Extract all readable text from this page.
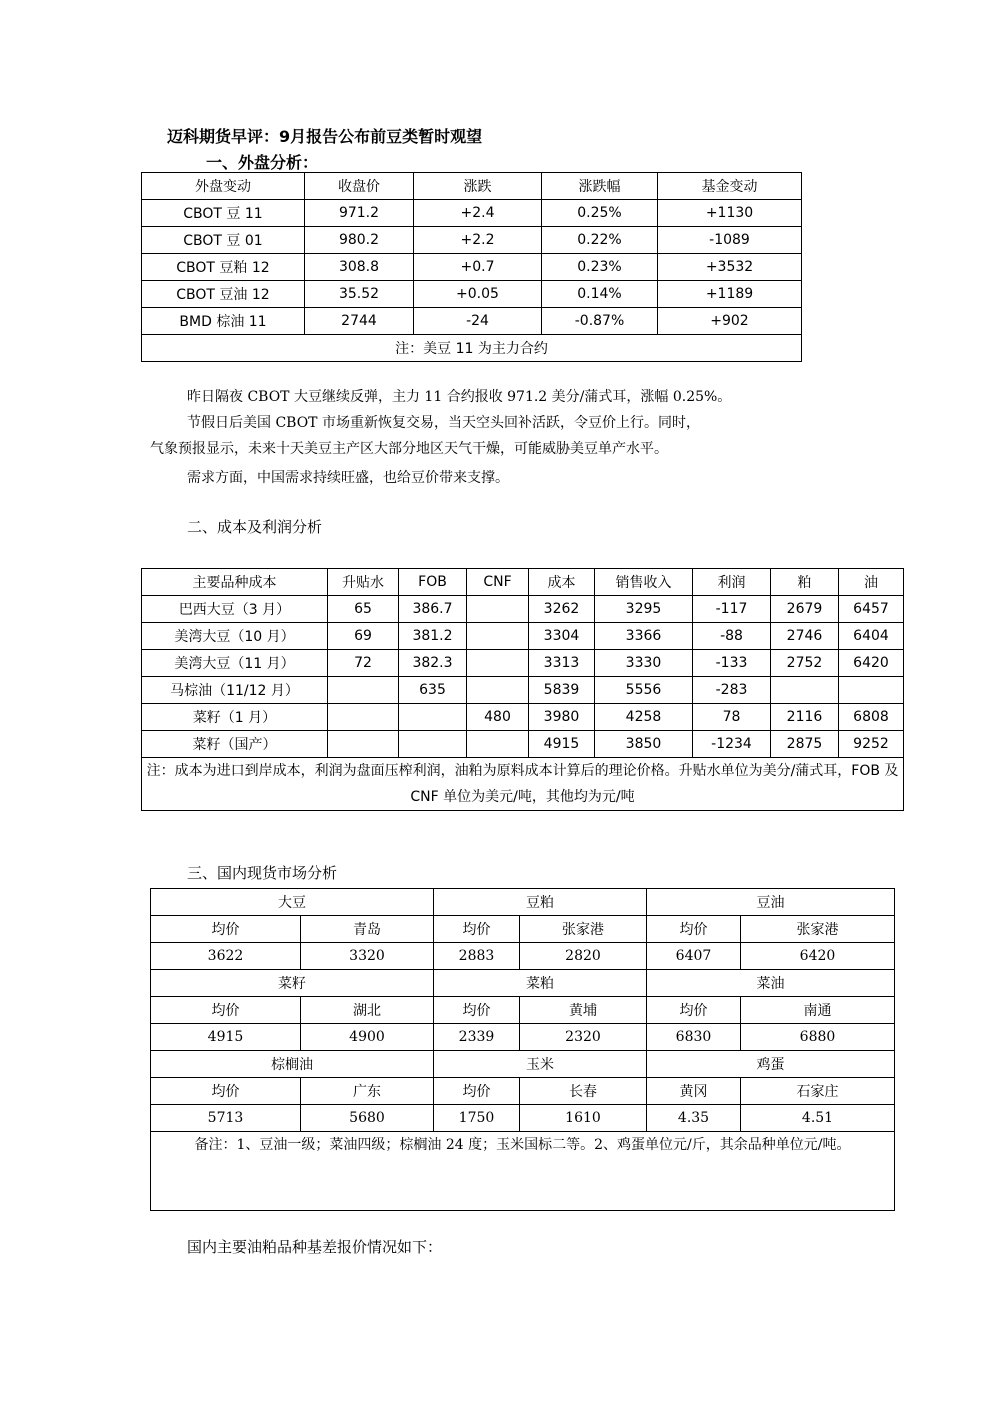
迈科期货早评：9月报告公布前豆类暂时观望
一、外盘分析：
外盘变动	收盘价	涨跌	涨跌幅	基金变动
CBOT 豆 11	971.2	+2.4	0.25%	+1130
CBOT 豆 01	980.2	+2.2	0.22%	-1089
CBOT 豆粕 12	308.8	+0.7	0.23%	+3532
CBOT 豆油 12	35.52	+0.05	0.14%	+1189
BMD 棕油 11	2744	-24	-0.87%	+902
注：美豆 11 为主力合约				
昨日隔夜 CBOT 大豆继续反弹，主力 11 合约报收 971.2 美分/蒲式耳，涨幅 0.25%。
节假日后美国 CBOT 市场重新恢复交易，当天空头回补活跃，令豆价上行。同时，
气象预报显示，未来十天美豆主产区大部分地区天气干燥，可能威胁美豆单产水平。
需求方面，中国需求持续旺盛，也给豆价带来支撑。
二、成本及利润分析
主要品种成本	升贴水	FOB	CNF	成本	销售收入	利润	粕	油
巴西大豆（3 月）	65	386.7		3262	3295	-117	2679	6457
美湾大豆（10 月）	69	381.2		3304	3366	-88	2746	6404
美湾大豆（11 月）	72	382.3		3313	3330	-133	2752	6420
马棕油（11/12 月）		635		5839	5556	-283		
菜籽（1 月）			480	3980	4258	78	2116	6808
菜籽（国产）				4915	3850	-1234	2875	9252
注：成本为进口到岸成本，利润为盘面压榨利润，油粕为原料成本计算后的理论价格。升贴水单位为美分/蒲式耳，FOB 及 CNF 单位为美元/吨，其他均为元/吨								
三、国内现货市场分析
大豆		豆粕		豆油	
均价	青岛	均价	张家港	均价	张家港
3622	3320	2883	2820	6407	6420
菜籽		菜粕		菜油	
均价	湖北	均价	黄埔	均价	南通
4915	4900	2339	2320	6830	6880
棕榈油		玉米		鸡蛋	
均价	广东	均价	长春	黄冈	石家庄
5713	5680	1750	1610	4.35	4.51
备注：1、豆油一级；菜油四级；棕榈油 24 度；玉米国标二等。2、鸡蛋单位元/斤，其余品种单位元/吨。					
国内主要油粕品种基差报价情况如下：
